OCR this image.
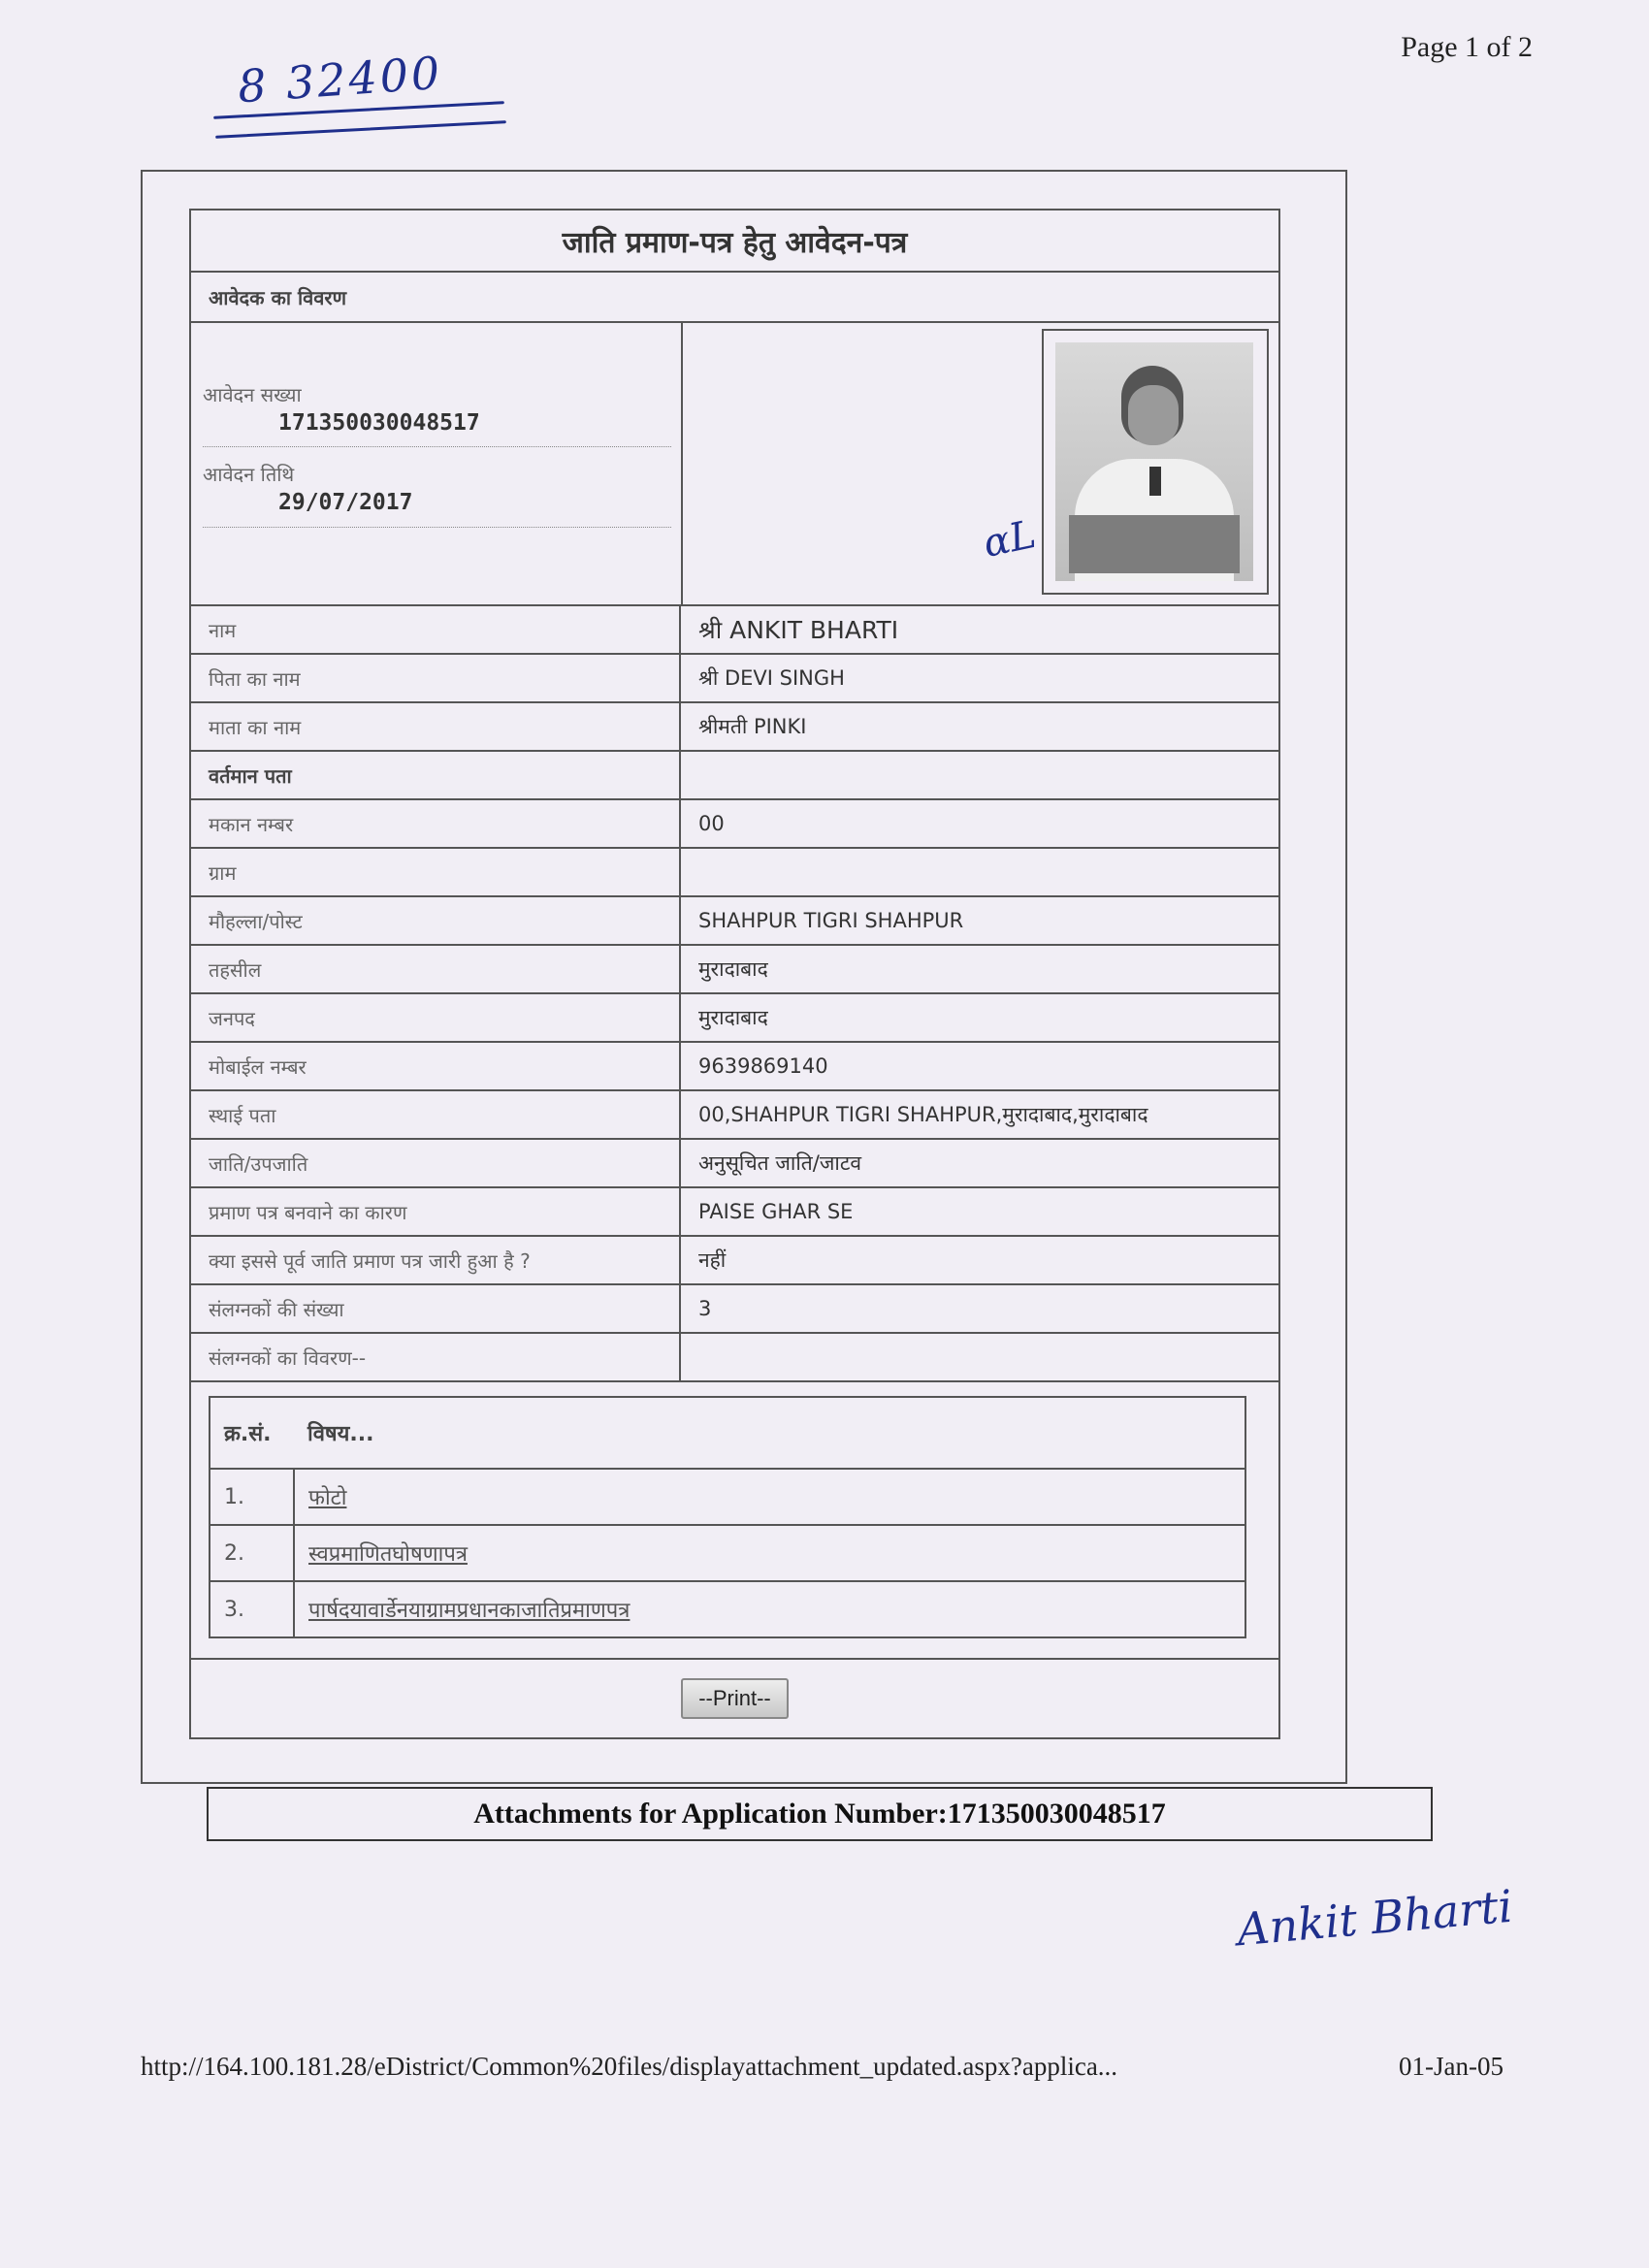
Page 1 of 2
8 32400
जाति प्रमाण-पत्र हेतु आवेदन-पत्र
आवेदक का विवरण
आवेदन सख्या
171350030048517
आवेदन तिथि
29/07/2017
αL
नाम	श्री ANKIT BHARTI
पिता का नाम	श्री DEVI SINGH
माता का नाम	श्रीमती PINKI
वर्तमान पता
मकान नम्बर	00
ग्राम
मौहल्ला/पोस्ट	SHAHPUR TIGRI SHAHPUR
तहसील	मुरादाबाद
जनपद	मुरादाबाद
मोबाईल नम्बर	9639869140
स्थाई पता	00,SHAHPUR TIGRI SHAHPUR,मुरादाबाद,मुरादाबाद
जाति/उपजाति	अनुसूचित जाति/जाटव
प्रमाण पत्र बनवाने का कारण	PAISE GHAR SE
क्या इससे पूर्व जाति प्रमाण पत्र जारी हुआ है ?	नहीं
संलग्नकों की संख्या	3
संलग्नकों का विवरण--
क्र.सं.	विषय...
1.	फोटो
2.	स्वप्रमाणितघोषणापत्र
3.	पार्षदयावार्डेनयाग्रामप्रधानकाजातिप्रमाणपत्र
--Print--
Attachments for Application Number:171350030048517
Ankit Bharti
http://164.100.181.28/eDistrict/Common%20files/displayattachment_updated.aspx?applica...	01-Jan-05
